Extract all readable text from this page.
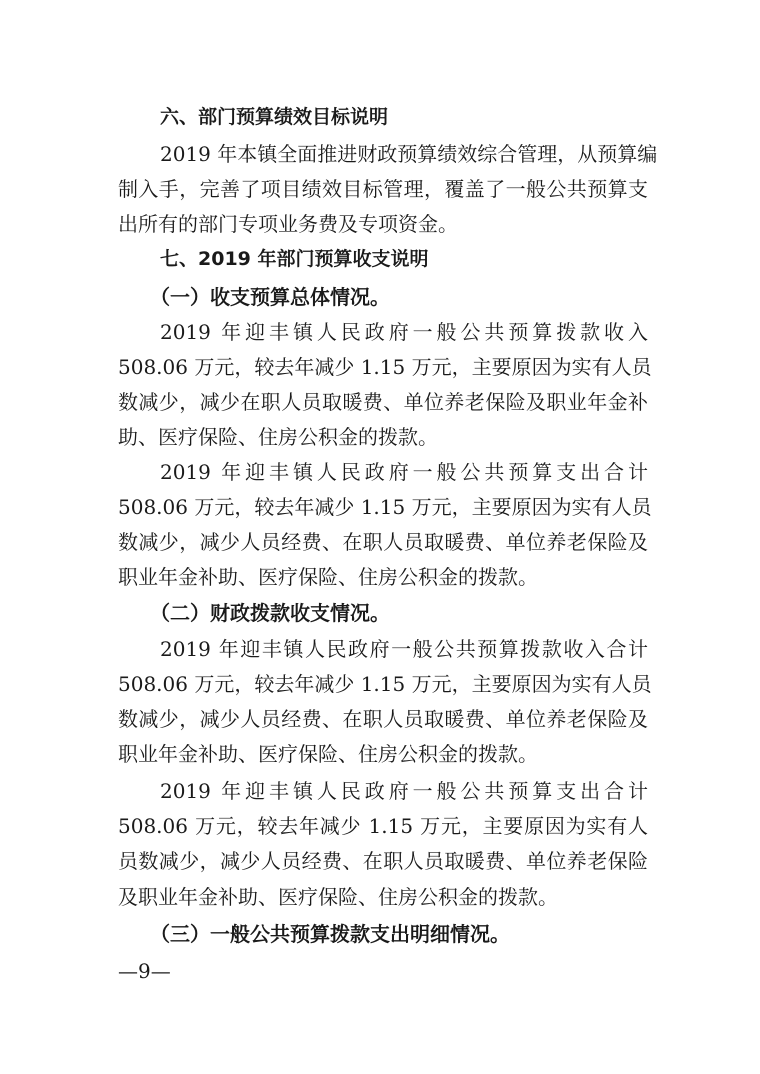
六、部门预算绩效目标说明
2019 年本镇全面推进财政预算绩效综合管理，从预算编
制入手，完善了项目绩效目标管理，覆盖了一般公共预算支
出所有的部门专项业务费及专项资金。
七、2019 年部门预算收支说明
（一）收支预算总体情况。
2019 年迎丰镇人民政府一般公共预算拨款收入
508.06 万元，较去年减少 1.15 万元，主要原因为实有人员
数减少，减少在职人员取暖费、单位养老保险及职业年金补
助、医疗保险、住房公积金的拨款。
2019 年迎丰镇人民政府一般公共预算支出合计
508.06 万元，较去年减少 1.15 万元，主要原因为实有人员
数减少，减少人员经费、在职人员取暖费、单位养老保险及
职业年金补助、医疗保险、住房公积金的拨款。
（二）财政拨款收支情况。
2019 年迎丰镇人民政府一般公共预算拨款收入合计
508.06 万元，较去年减少 1.15 万元，主要原因为实有人员
数减少，减少人员经费、在职人员取暖费、单位养老保险及
职业年金补助、医疗保险、住房公积金的拨款。
2019 年迎丰镇人民政府一般公共预算支出合计
508.06 万元，较去年减少 1.15 万元，主要原因为实有人
员数减少，减少人员经费、在职人员取暖费、单位养老保险
及职业年金补助、医疗保险、住房公积金的拨款。
（三）一般公共预算拨款支出明细情况。
—9—
